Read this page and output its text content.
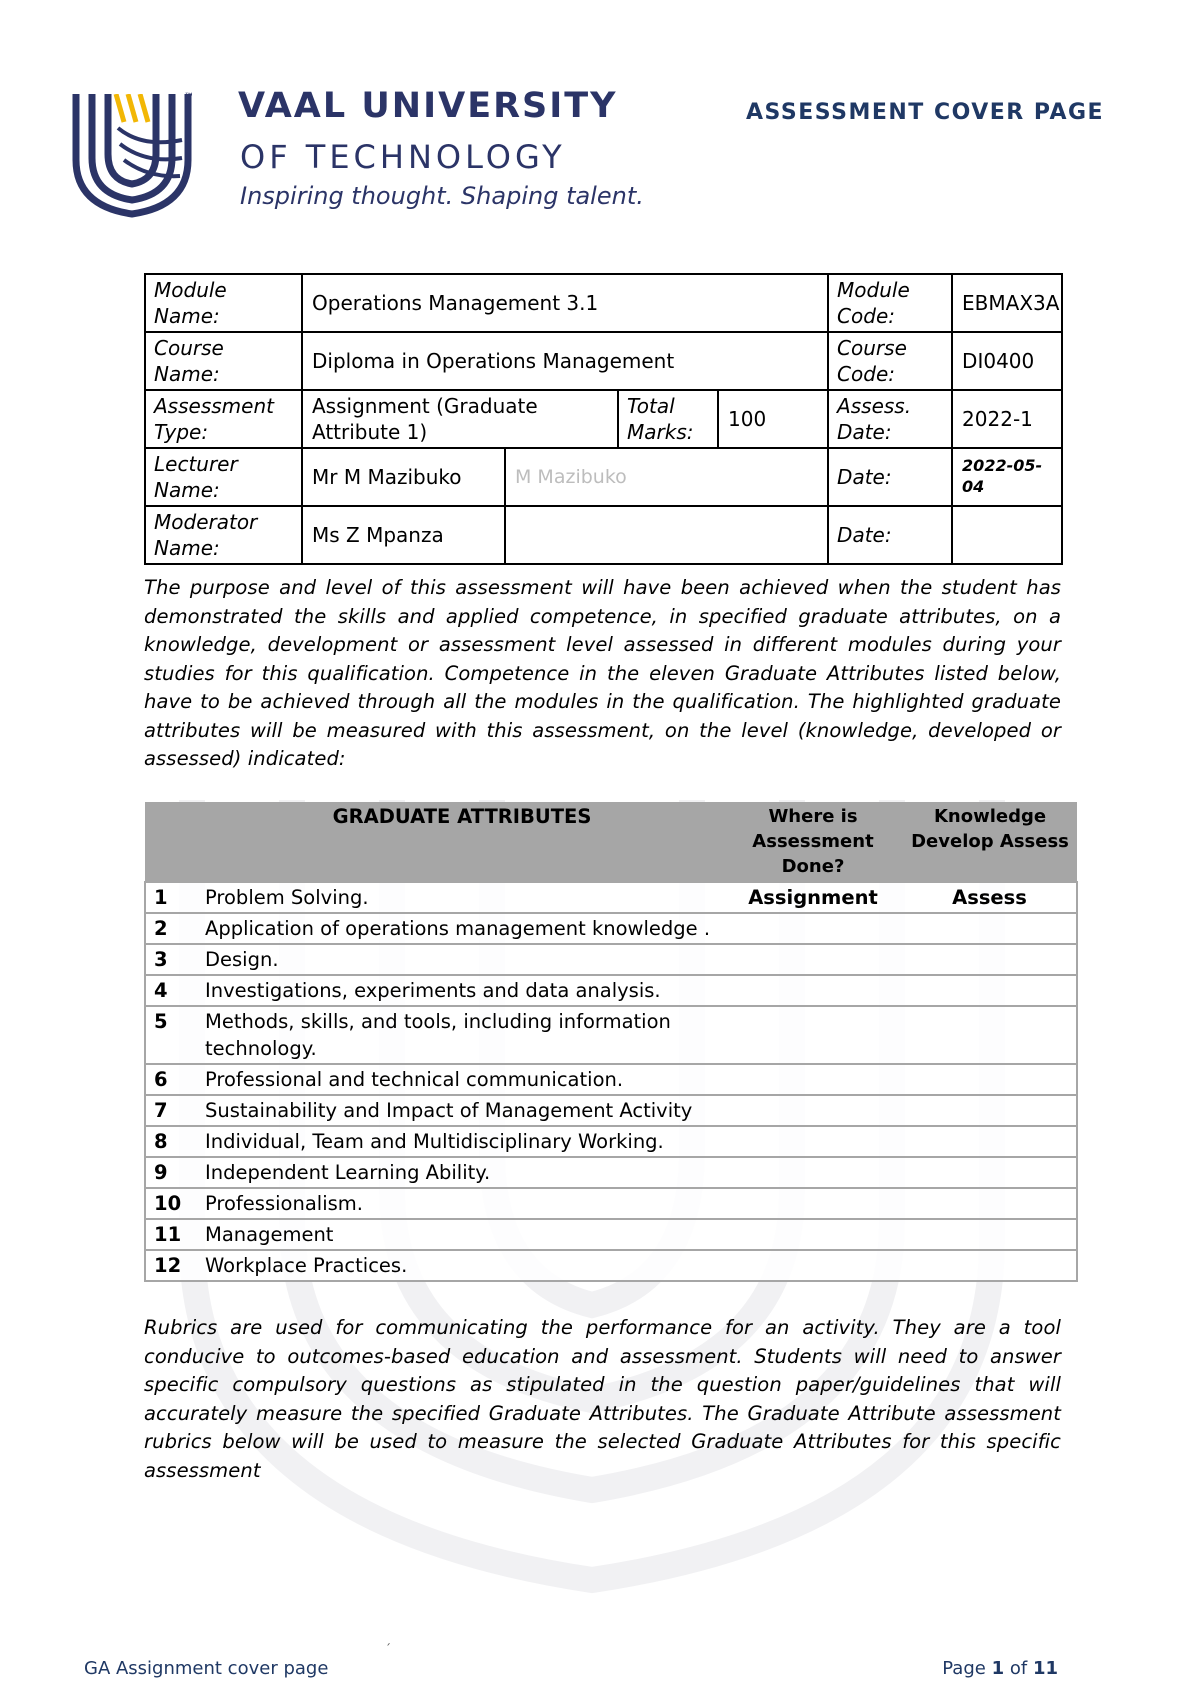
™ VAAL UNIVERSITY
OF TECHNOLOGY
Inspiring thought. Shaping talent.
ASSESSMENT COVER PAGE
Module Name:	Operations Management 3.1				Module Code:	EBMAX3A
Course Name:	Diploma in Operations Management				Course Code:	DI0400
Assessment Type:	Assignment (Graduate Attribute 1)		Total Marks:	100	Assess. Date:	2022-1
Lecturer Name:	Mr M Mazibuko	M Mazibuko			Date:	2022-05-04
Moderator Name:	Ms Z Mpanza				Date:	
The purpose and level of this assessment will have been achieved when the student has demonstrated the skills and applied competence, in specified graduate attributes, on a knowledge, development or assessment level assessed in different modules during your studies for this qualification. Competence in the eleven Graduate Attributes listed below, have to be achieved through all the modules in the qualification. The highlighted graduate attributes will be measured with this assessment, on the level (knowledge, developed or assessed) indicated:
	GRADUATE ATTRIBUTES	Where is Assessment Done?	Knowledge Develop Assess
1	Problem Solving.	Assignment	Assess
2	Application of operations management knowledge .		
3	Design.		
4	Investigations, experiments and data analysis.		
5	Methods, skills, and tools, including information technology.		
6	Professional and technical communication.		
7	Sustainability and Impact of Management Activity		
8	Individual, Team and Multidisciplinary Working.		
9	Independent Learning Ability.		
10	Professionalism.		
11	Management		
12	Workplace Practices.		
Rubrics are used for communicating the performance for an activity. They are a tool conducive to outcomes-based education and assessment. Students will need to answer specific compulsory questions as stipulated in the question paper/guidelines that will accurately measure the specified Graduate Attributes. The Graduate Attribute assessment rubrics below will be used to measure the selected Graduate Attributes for this specific assessment
ˊ
GA Assignment cover page	Page 1 of 11
